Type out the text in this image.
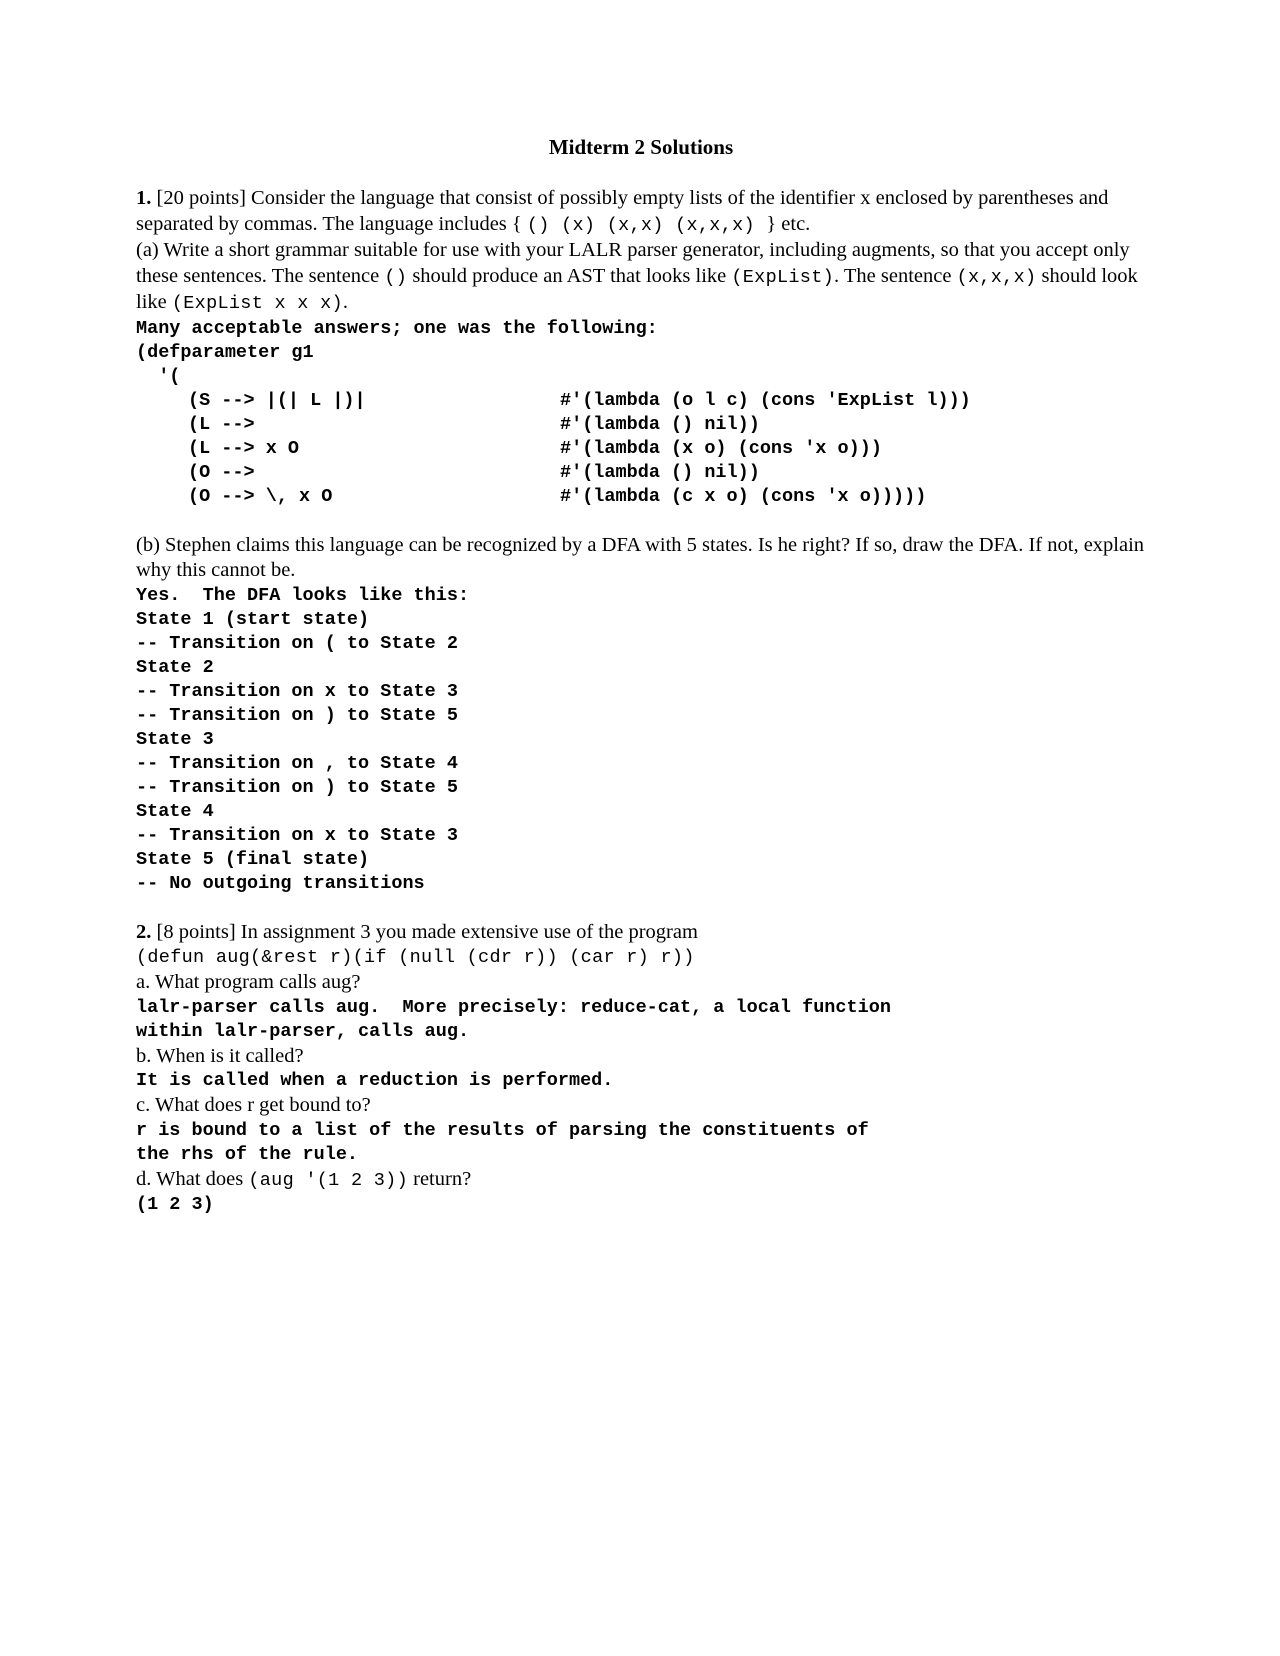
Midterm 2 Solutions

1. [20 points] Consider the language that consist of possibly empty lists of the identifier x enclosed by parentheses and separated by commas. The language includes { () (x) (x,x) (x,x,x) } etc.

(a) Write a short grammar suitable for use with your LALR parser generator, including augments, so that you accept only these sentences. The sentence () should produce an AST that looks like (ExpList). The sentence (x,x,x) should look like (ExpList x x x).

Many acceptable answers; one was the following:
(defparameter g1
'(
(S --> |(| L |)|	#'(lambda (o l c) (cons 'ExpList l)))
(L -->	#'(lambda () nil))
(L --> x O	#'(lambda (x o) (cons 'x o)))
(O -->	#'(lambda () nil))
(O --> \, x O	#'(lambda (c x o) (cons 'x o)))))

(b) Stephen claims this language can be recognized by a DFA with 5 states. Is he right? If so, draw the DFA. If not, explain why this cannot be.

Yes.  The DFA looks like this:
State 1 (start state)
-- Transition on ( to State 2
State 2
-- Transition on x to State 3
-- Transition on ) to State 5
State 3
-- Transition on , to State 4
-- Transition on ) to State 5
State 4
-- Transition on x to State 3
State 5 (final state)
-- No outgoing transitions

2. [8 points] In assignment 3 you made extensive use of the program

(defun aug(&rest r)(if (null (cdr r)) (car r) r))

a. What program calls aug?

lalr-parser calls aug.  More precisely: reduce-cat, a local function
within lalr-parser, calls aug.

b. When is it called?

It is called when a reduction is performed.

c. What does r get bound to?

r is bound to a list of the results of parsing the constituents of
the rhs of the rule.

d. What does (aug '(1 2 3)) return?

(1 2 3)
